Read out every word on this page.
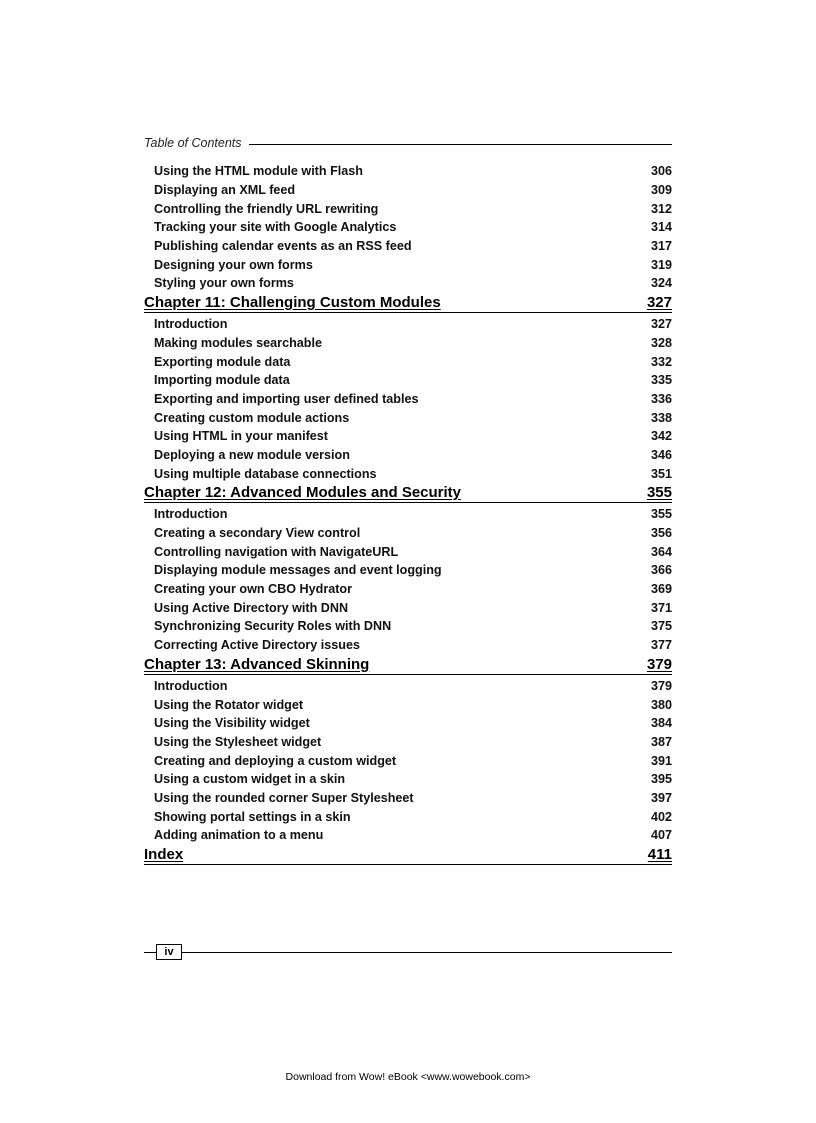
Table of Contents
Using the HTML module with Flash	306
Displaying an XML feed	309
Controlling the friendly URL rewriting	312
Tracking your site with Google Analytics	314
Publishing calendar events as an RSS feed	317
Designing your own forms	319
Styling your own forms	324
Chapter 11: Challenging Custom Modules	327
Introduction	327
Making modules searchable	328
Exporting module data	332
Importing module data	335
Exporting and importing user defined tables	336
Creating custom module actions	338
Using HTML in your manifest	342
Deploying a new module version	346
Using multiple database connections	351
Chapter 12: Advanced Modules and Security	355
Introduction	355
Creating a secondary View control	356
Controlling navigation with NavigateURL	364
Displaying module messages and event logging	366
Creating your own CBO Hydrator	369
Using Active Directory with DNN	371
Synchronizing Security Roles with DNN	375
Correcting Active Directory issues	377
Chapter 13: Advanced Skinning	379
Introduction	379
Using the Rotator widget	380
Using the Visibility widget	384
Using the Stylesheet widget	387
Creating and deploying a custom widget	391
Using a custom widget in a skin	395
Using the rounded corner Super Stylesheet	397
Showing portal settings in a skin	402
Adding animation to a menu	407
Index	411
iv
Download from Wow! eBook <www.wowebook.com>
